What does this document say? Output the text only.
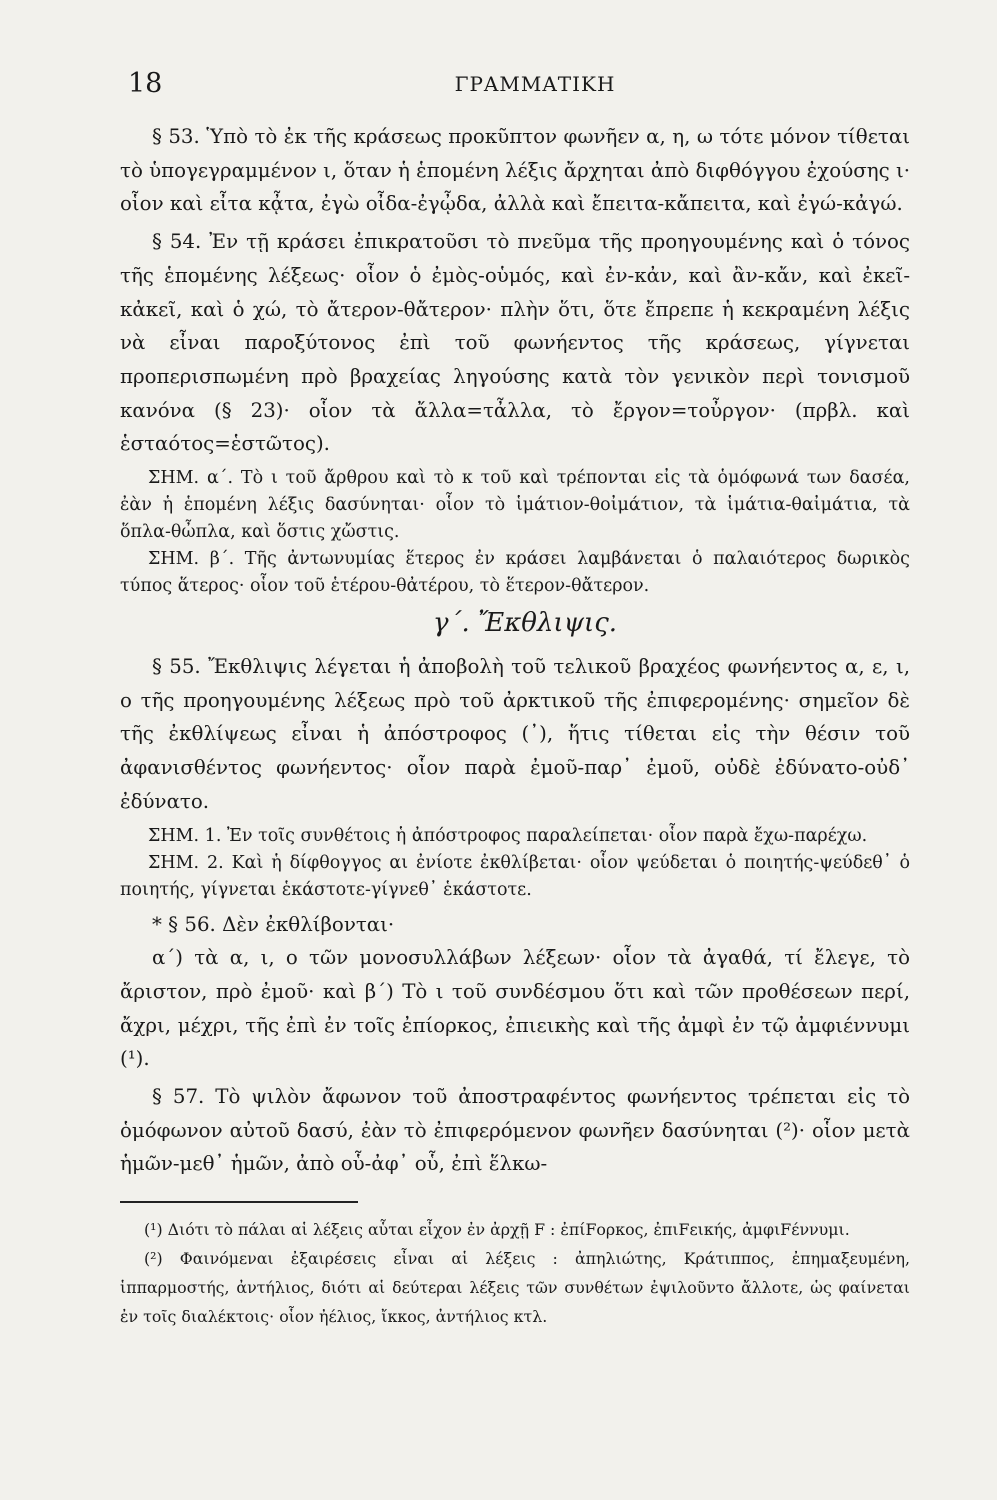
18	ΓΡΑΜΜΑΤΙΚΗ

§ 53. Ὑπὸ τὸ ἐκ τῆς κράσεως προκῦπτον φωνῆεν α, η, ω τότε μόνον τίθεται τὸ ὑπογεγραμμένον ι, ὅταν ἡ ἑπομένη λέξις ἄρχηται ἀπὸ διφθόγγου ἐχούσης ι· οἷον καὶ εἶτα κᾆτα, ἐγὼ οἶδα-ἐγᾦδα, ἀλλὰ καὶ ἔπειτα-κἄπειτα, καὶ ἐγώ-κἀγώ.

§ 54. Ἐν τῇ κράσει ἐπικρατοῦσι τὸ πνεῦμα τῆς προηγουμένης καὶ ὁ τόνος τῆς ἑπομένης λέξεως· οἷον ὁ ἐμὸς-οὑμός, καὶ ἐν-κἀν, καὶ ἂν-κἄν, καὶ ἐκεῖ-κἀκεῖ, καὶ ὁ χώ, τὸ ἄτερον-θἄτερον· πλὴν ὅτι, ὅτε ἔπρεπε ἡ κεκραμένη λέξις νὰ εἶναι παροξύτονος ἐπὶ τοῦ φωνήεντος τῆς κράσεως, γίγνεται προπερισπωμένη πρὸ βραχείας ληγούσης κατὰ τὸν γενικὸν περὶ τονισμοῦ κανόνα (§ 23)· οἷον τὰ ἄλλα=τἆλλα, τὸ ἔργον=τοὖργον· (πρβλ. καὶ ἑσταότος=ἑστῶτος).

ΣΗΜ. α΄. Τὸ ι τοῦ ἄρθρου καὶ τὸ κ τοῦ καὶ τρέπονται εἰς τὰ ὁμόφωνά των δασέα, ἐὰν ἡ ἑπομένη λέξις δασύνηται· οἷον τὸ ἱμάτιον-θοἰμάτιον, τὰ ἱμάτια-θαἰμάτια, τὰ ὅπλα-θὦπλα, καὶ ὅστις χὤστις.

ΣΗΜ. β΄. Τῆς ἀντωνυμίας ἕτερος ἐν κράσει λαμβάνεται ὁ παλαιότερος δωρικὸς τύπος ἅτερος· οἷον τοῦ ἑτέρου-θἀτέρου, τὸ ἕτερον-θἄτερον.

γ΄. Ἔκθλιψις.

§ 55. Ἔκθλιψις λέγεται ἡ ἀποβολὴ τοῦ τελικοῦ βραχέος φωνήεντος α, ε, ι, ο τῆς προηγουμένης λέξεως πρὸ τοῦ ἀρκτικοῦ τῆς ἐπιφερομένης· σημεῖον δὲ τῆς ἐκθλίψεως εἶναι ἡ ἀπόστροφος (᾽), ἥτις τίθεται εἰς τὴν θέσιν τοῦ ἀφανισθέντος φωνήεντος· οἷον παρὰ ἐμοῦ-παρ᾽ ἐμοῦ, οὐδὲ ἐδύνατο-οὐδ᾽ ἐδύνατο.

ΣΗΜ. 1. Ἐν τοῖς συνθέτοις ἡ ἀπόστροφος παραλείπεται· οἷον παρὰ ἔχω-παρέχω.

ΣΗΜ. 2. Καὶ ἡ δίφθογγος αι ἐνίοτε ἐκθλίβεται· οἷον ψεύδεται ὁ ποιητής-ψεύδεθ᾽ ὁ ποιητής, γίγνεται ἑκάστοτε-γίγνεθ᾽ ἑκάστοτε.

* § 56. Δὲν ἐκθλίβονται·

α΄) τὰ α, ι, ο τῶν μονοσυλλάβων λέξεων· οἷον τὰ ἀγαθά, τί ἔλεγε, τὸ ἄριστον, πρὸ ἐμοῦ· καὶ β΄) Τὸ ι τοῦ συνδέσμου ὅτι καὶ τῶν προθέσεων περί, ἄχρι, μέχρι, τῆς ἐπὶ ἐν τοῖς ἐπίορκος, ἐπιεικὴς καὶ τῆς ἀμφὶ ἐν τῷ ἀμφιέννυμι (¹).

§ 57. Τὸ ψιλὸν ἄφωνον τοῦ ἀποστραφέντος φωνήεντος τρέπεται εἰς τὸ ὁμόφωνον αὐτοῦ δασύ, ἐὰν τὸ ἐπιφερόμενον φωνῆεν δασύνηται (²)· οἷον μετὰ ἡμῶν-μεθ᾽ ἡμῶν, ἀπὸ οὗ-ἀφ᾽ οὗ, ἐπὶ ἕλκω-

(¹) Διότι τὸ πάλαι αἱ λέξεις αὗται εἶχον ἐν ἀρχῇ F : ἐπίFορκος, ἐπιFεικής, ἀμφιFέννυμι.

(²) Φαινόμεναι ἐξαιρέσεις εἶναι αἱ λέξεις : ἀπηλιώτης, Κράτιππος, ἐπημαξευμένη, ἱππαρμοστής, ἀντήλιος, διότι αἱ δεύτεραι λέξεις τῶν συνθέτων ἐψιλοῦντο ἄλλοτε, ὡς φαίνεται ἐν τοῖς διαλέκτοις· οἷον ἠέλιος, ἴκκος, ἀντήλιος κτλ.
